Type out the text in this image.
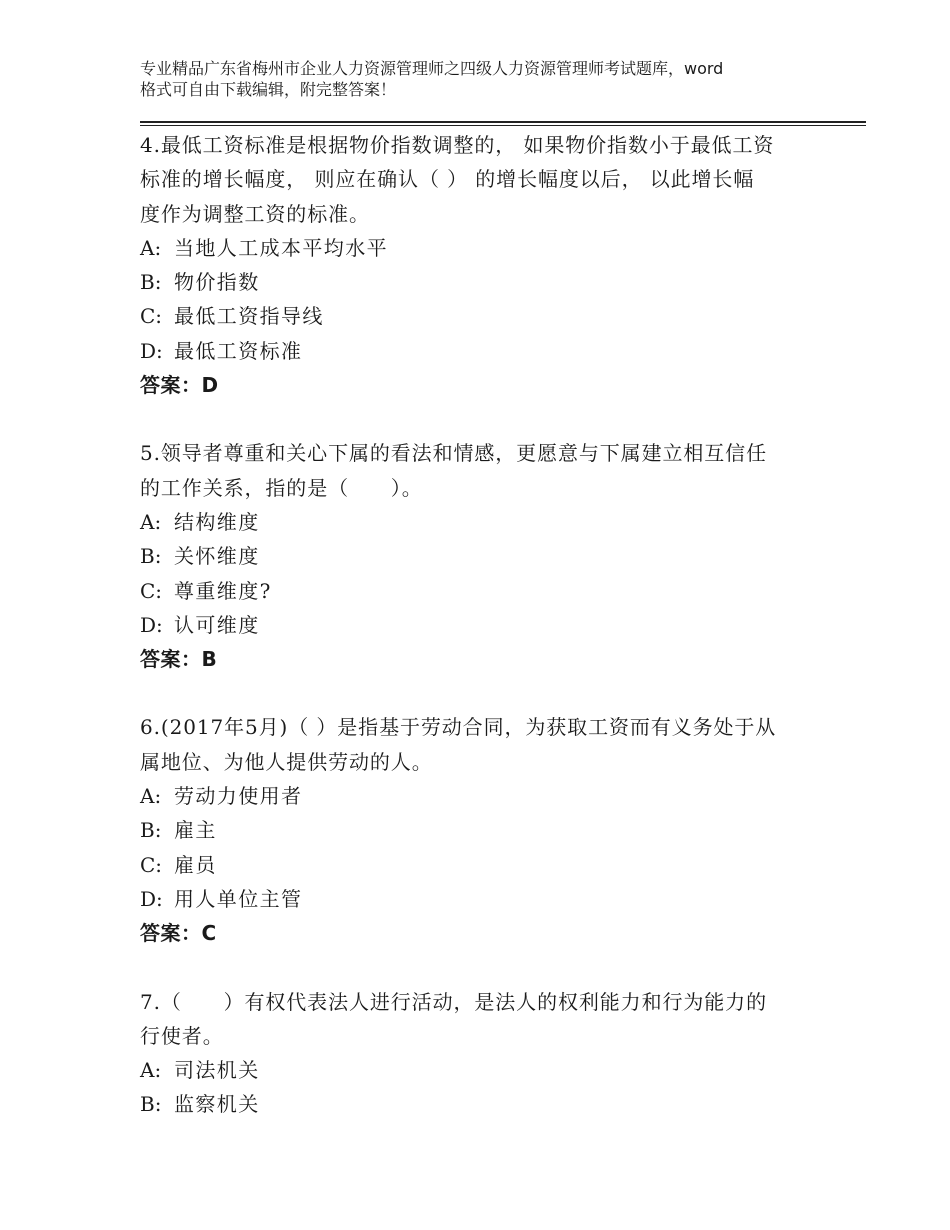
专业精品广东省梅州市企业人力资源管理师之四级人力资源管理师考试题库，word
格式可自由下载编辑，附完整答案！
4.最低工资标准是根据物价指数调整的， 如果物价指数小于最低工资
标准的增长幅度， 则应在确认（ ） 的增长幅度以后， 以此增长幅
度作为调整工资的标准。
A: 当地人工成本平均水平
B: 物价指数
C: 最低工资指导线
D: 最低工资标准
答案：D
5.领导者尊重和关心下属的看法和情感，更愿意与下属建立相互信任
的工作关系，指的是（　　）。
A: 结构维度
B: 关怀维度
C: 尊重维度?
D: 认可维度
答案：B
6.(2017年5月)（ ）是指基于劳动合同，为获取工资而有义务处于从
属地位、为他人提供劳动的人。
A: 劳动力使用者
B: 雇主
C: 雇员
D: 用人单位主管
答案：C
7.（　　）有权代表法人进行活动，是法人的权利能力和行为能力的
行使者。
A: 司法机关
B: 监察机关
